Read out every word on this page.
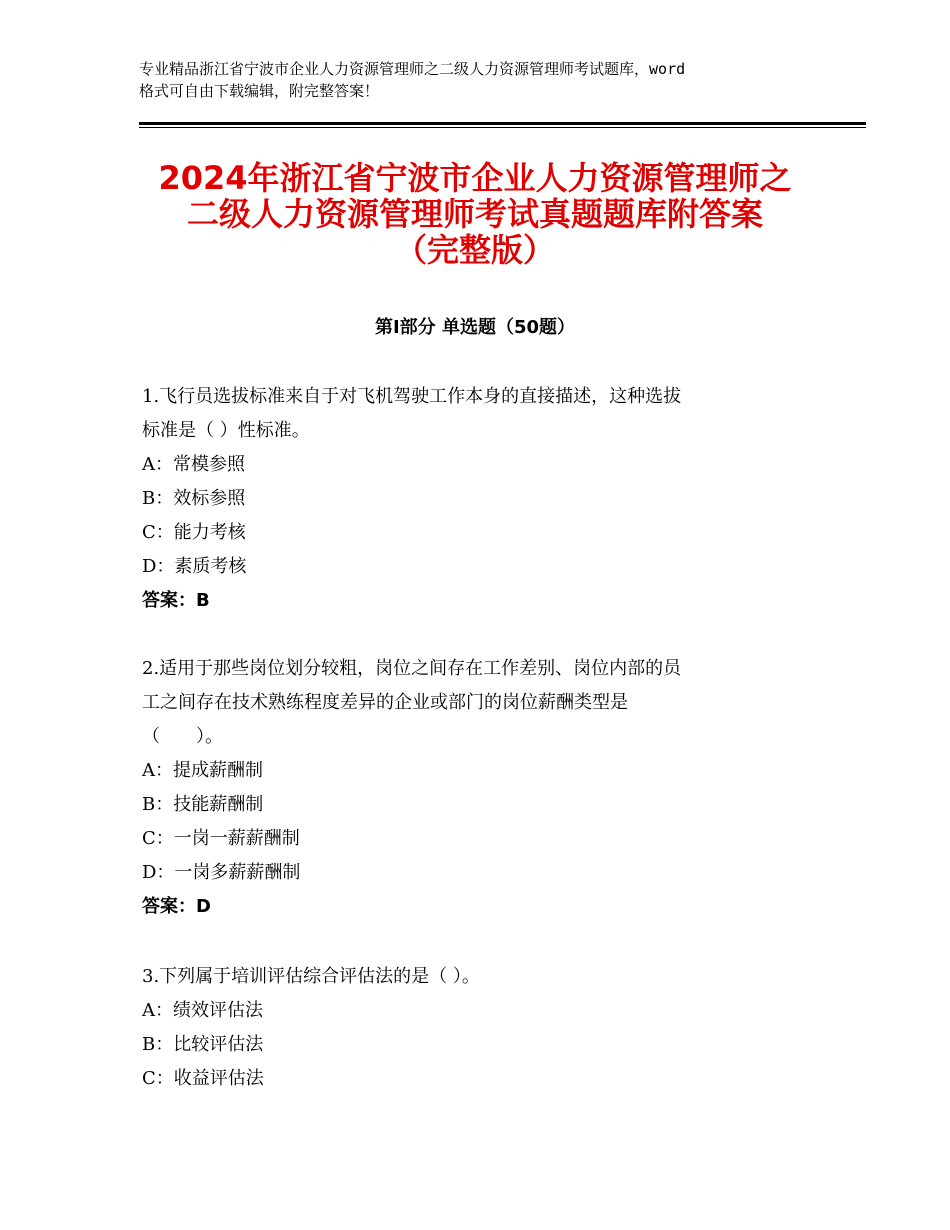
专业精品浙江省宁波市企业人力资源管理师之二级人力资源管理师考试题库，word
格式可自由下载编辑，附完整答案！
2024年浙江省宁波市企业人力资源管理师之
二级人力资源管理师考试真题题库附答案
（完整版）
第Ⅰ部分 单选题（50题）
1.飞行员选拔标准来自于对飞机驾驶工作本身的直接描述，这种选拔
标准是（ ）性标准。
A：常模参照
B：效标参照
C：能力考核
D：素质考核
答案：B
2.适用于那些岗位划分较粗，岗位之间存在工作差别、岗位内部的员
工之间存在技术熟练程度差异的企业或部门的岗位薪酬类型是
（　　）。
A：提成薪酬制
B：技能薪酬制
C：一岗一薪薪酬制
D：一岗多薪薪酬制
答案：D
3.下列属于培训评估综合评估法的是（ ）。
A：绩效评估法
B：比较评估法
C：收益评估法
